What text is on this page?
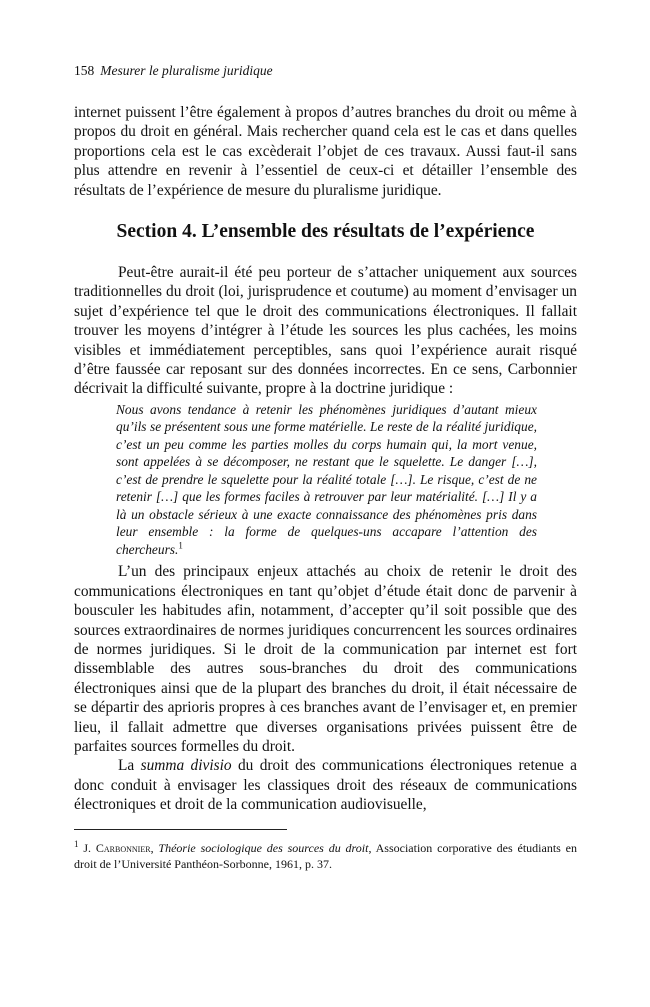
158 Mesurer le pluralisme juridique

internet puissent l’être également à propos d’autres branches du droit ou même à propos du droit en général. Mais rechercher quand cela est le cas et dans quelles proportions cela est le cas excèderait l’objet de ces travaux. Aussi faut-il sans plus attendre en revenir à l’essentiel de ceux-ci et détailler l’ensemble des résultats de l’expérience de mesure du pluralisme juridique.

Section 4. L’ensemble des résultats de l’expérience

Peut-être aurait-il été peu porteur de s’attacher uniquement aux sources traditionnelles du droit (loi, jurisprudence et coutume) au moment d’envisager un sujet d’expérience tel que le droit des communications électroniques. Il fallait trouver les moyens d’intégrer à l’étude les sources les plus cachées, les moins visibles et immédiatement perceptibles, sans quoi l’expérience aurait risqué d’être faussée car reposant sur des données incorrectes. En ce sens, Carbonnier décrivait la difficulté suivante, propre à la doctrine juridique :

Nous avons tendance à retenir les phénomènes juridiques d’autant mieux qu’ils se présentent sous une forme matérielle. Le reste de la réalité juridique, c’est un peu comme les parties molles du corps humain qui, la mort venue, sont appelées à se décomposer, ne restant que le squelette. Le danger […], c’est de prendre le squelette pour la réalité totale […]. Le risque, c’est de ne retenir […] que les formes faciles à retrouver par leur matérialité. […] Il y a là un obstacle sérieux à une exacte connaissance des phénomènes pris dans leur ensemble : la forme de quelques-uns accapare l’attention des chercheurs.$^1$

L’un des principaux enjeux attachés au choix de retenir le droit des communications électroniques en tant qu’objet d’étude était donc de parvenir à bousculer les habitudes afin, notamment, d’accepter qu’il soit possible que des sources extraordinaires de normes juridiques concurrencent les sources ordinaires de normes juridiques. Si le droit de la communication par internet est fort dissemblable des autres sous-branches du droit des communications électroniques ainsi que de la plupart des branches du droit, il était nécessaire de se départir des aprioris propres à ces branches avant de l’envisager et, en premier lieu, il fallait admettre que diverses organisations privées puissent être de parfaites sources formelles du droit.

La summa divisio du droit des communications électroniques retenue a donc conduit à envisager les classiques droit des réseaux de communications électroniques et droit de la communication audiovisuelle,

$^1$ J. Carbonnier, Théorie sociologique des sources du droit, Association corporative des étudiants en droit de l’Université Panthéon-Sorbonne, 1961, p. 37.
